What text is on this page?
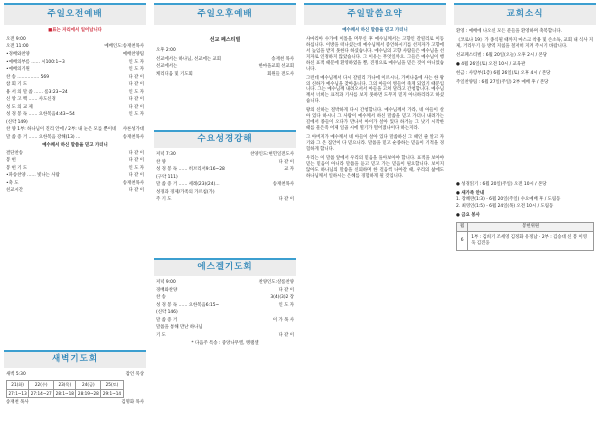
주일오전예배
■표는 자리에서 일어납니다
오전 9:00
오전 11:00	예배인도:송재천목사
•경배와찬양	예배찬양팀
•예배의부름 …… 시100:1~3	인 도 자
•예배의기원	인 도 자
찬 송 …………… 569	다 같 이
참 회 기 도	다 같 이
용 서 의 말 씀 …… 롬3:23~24	인 도 자
신 앙 고 백 …… 사도신경	다 같 이
성 도 의 교 제	다 같 이
성 경 봉 독 …… 요한복음4:43~54	인 도 자
(신약 149)
찬 양 1부: 하나님이 진리 안에 / 2부: 내 눈은 모를 뿐이네 샤론성가대
말 씀 증 거 …… 요한복음 강해(13) …	송재천목사
예수께서 하신 말씀을 믿고 가더니
결단찬송	다 같 이
봉 헌	다 같 이
봉 헌 기 도	인 도 자
•파송찬양 …… 빛나는 사람	다 같 이
•축 도	송재천목사
친교시간	다 같 이
새벽기도회
새벽 5:30	잠언 묵상
21(화)	22(수)	23(목)	24(금)	25(토)
27:1~13	27:14~27	28:1~18	28:19~28	29:1~14
송재천 목사	김명화 목사
주일오후예배
선교 페스티벌
오후 2:00
선교에서는 하나님, 선교에는 교회	송재천 목사
선교에서는	한마을교회 선교회
케리디움 및 기도회	회원들 전도사
수요성경강해
저녁 7:30	찬양인도:현민일전도사
찬 양	다 같 이
성 경 봉 독 …… 히브리서9:16~28	교 자
(구약 111)
말 씀 증 거 …… 세례(23)(24)…	송재천목사
성경과 경제/가족의 가르침(가)
주 기 도	다 같 이
에스겔기도회
저녁 9:00	찬양인도:샬롬찬양
경배와찬양	다 같 이
찬 송	3(4)(3)2 장
성 경 봉 독 …… 요한복음6:15~	인 도 자
(신약 146)
말 씀 증 거	이 가 목 사
말씀을 통해 만난 하나님
기 도	다 같 이
* 다음주 특송 : 중앙나무엘, 앵램셸
주일말씀요약
예수께서 하신 말씀을 믿고 가더니
사마리아 수가에 이틀을 머무신 후 예수님께서는 고향인 갈릴리로 이동하십니다. 이방을 떠나셨는데 예수님께서 증언하시기를 선지자가 고향에서 높임을 받지 못한다 하셨습니다. 예수님의 고향 사람들은 예수님을 선지자로 인정하지 않았습니다. 그 이유는 무엇일까요. 그들은 예수님이 행하신 표적 때문에 환영하였을 뿐, 진정으로 예수님을 믿은 것이 아니었습니다.
그런데 예수님께서 다시 갈릴리 가나에 이르시니, 가버나움에 사는 한 왕의 신하가 예수님을 찾아옵니다. 그의 아들이 병들어 죽게 되었기 때문입니다. 그는 예수님께 내려오셔서 아들을 고쳐 달라고 간청합니다. 예수님께서 너희는 표적과 기사를 보지 못하면 도무지 믿지 아니하리라고 하셨습니다.
왕의 신하는 절박하게 다시 간청합니다. 예수님께서 가라, 네 아들이 살아 있다 하시니 그 사람이 예수께서 하신 말씀을 믿고 가더니 내려가는 길에서 종들이 오다가 만나서 아이가 살아 있다 하거늘 그 낫기 시작한 때를 물은즉 어제 일곱 시에 열기가 떨어졌나이다 하는지라.
그 아버지가 예수께서 네 아들이 살아 있다 말씀하신 그 때인 줄 알고 자기와 그 온 집안이 다 믿으니라. 말씀을 믿고 순종하는 믿음이 기적을 경험하게 합니다.
우리는 이 말씀 앞에서 우리의 믿음을 돌아보아야 합니다. 표적을 보아야 믿는 믿음이 아니라 말씀을 듣고 믿고 가는 믿음이 필요합니다. 보이지 않아도 하나님의 말씀을 신뢰하며 한 걸음씩 나아갈 때, 우리의 삶에도 하나님께서 일하시는 은혜를 경험하게 될 것입니다.
교회소식
환영 : 예배에 나오신 모든 분들을 환영하며 축복합니다.
《코로나 19》가 종식될 때까지 마스크 착용 및 손소독, 교회 내 식사 지제, 거리두기 등 방역 지침을 철저히 지켜 주시기 바랍니다.
선교페스티벌 : 6월 20일(오늘) 오후 2시 / 본당
● 4월 26일(토) 오전 10시 / 교육관
헌금 : 사랑부(1층) 6월 26일(토) 오후 4시 / 본당
주일찬양팀 : 6월 27일(주일) 2부 예배 후 / 본당
● 성경읽기 : 6월 20일(주일) 오전 10시 / 본당
● 새가족 안내
1. 장혜란(1:3) - 6월 20일(주일) 수요예배 후 / 도림동
2. 최영인(1:5) - 6월 24일(목) 오전 10시 / 도림동
● 금요 봉사
월	봉헌위원
6	1부 : 김희기 조세영 김정화 유정남 · 2부 : 김승대 신 봉 이영욱 김진웅
